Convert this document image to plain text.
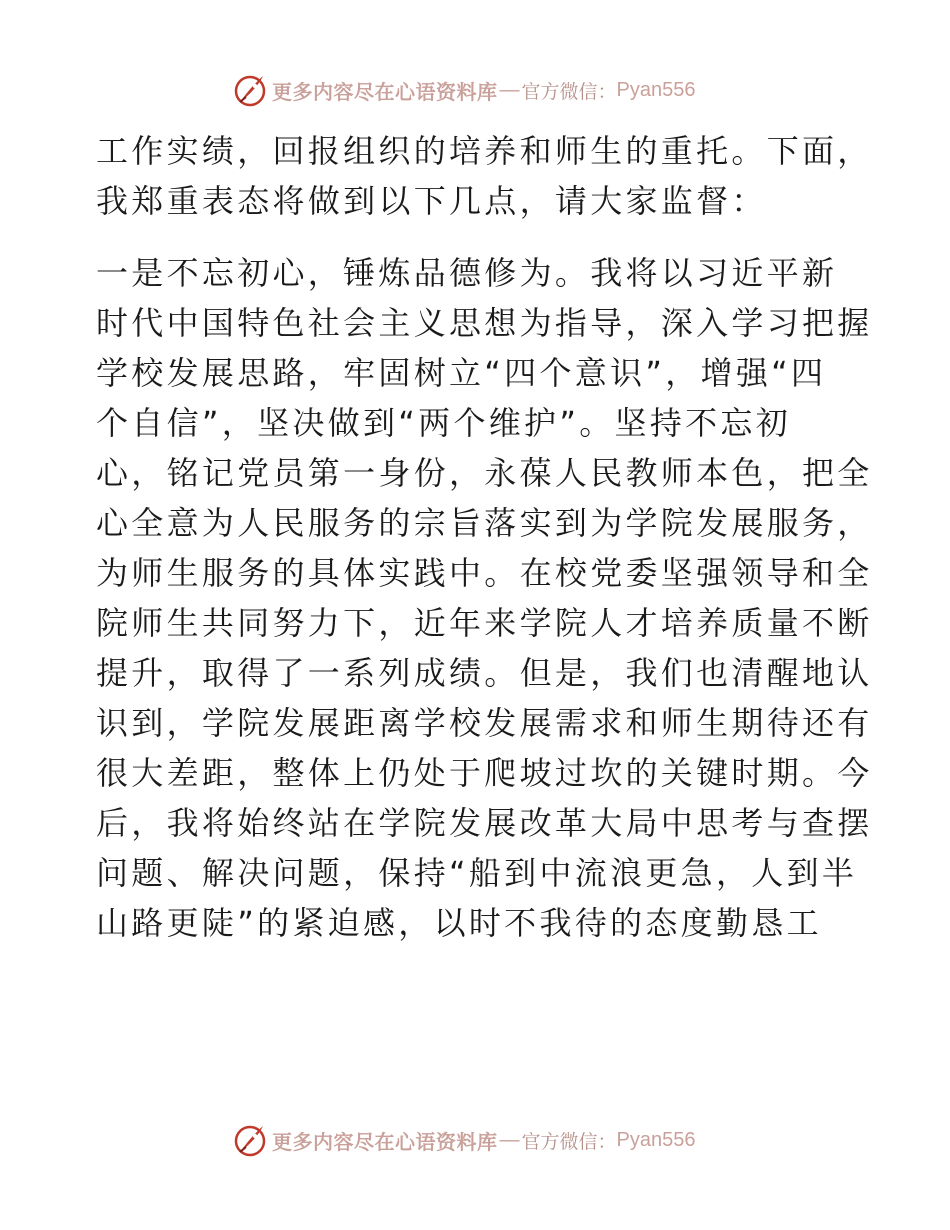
更多内容尽在心语资料库 — 官方微信： Pyan556
工作实绩，回报组织的培养和师生的重托。下面，
我郑重表态将做到以下几点，请大家监督：
一是不忘初心，锤炼品德修为。我将以习近平新
时代中国特色社会主义思想为指导，深入学习把握
学校发展思路，牢固树立“四个意识”，增强“四
个自信”，坚决做到“两个维护”。坚持不忘初
心，铭记党员第一身份，永葆人民教师本色，把全
心全意为人民服务的宗旨落实到为学院发展服务，
为师生服务的具体实践中。在校党委坚强领导和全
院师生共同努力下，近年来学院人才培养质量不断
提升，取得了一系列成绩。但是，我们也清醒地认
识到，学院发展距离学校发展需求和师生期待还有
很大差距，整体上仍处于爬坡过坎的关键时期。今
后，我将始终站在学院发展改革大局中思考与查摆
问题、解决问题，保持“船到中流浪更急，人到半
山路更陡”的紧迫感，以时不我待的态度勤恳工
更多内容尽在心语资料库 — 官方微信： Pyan556
